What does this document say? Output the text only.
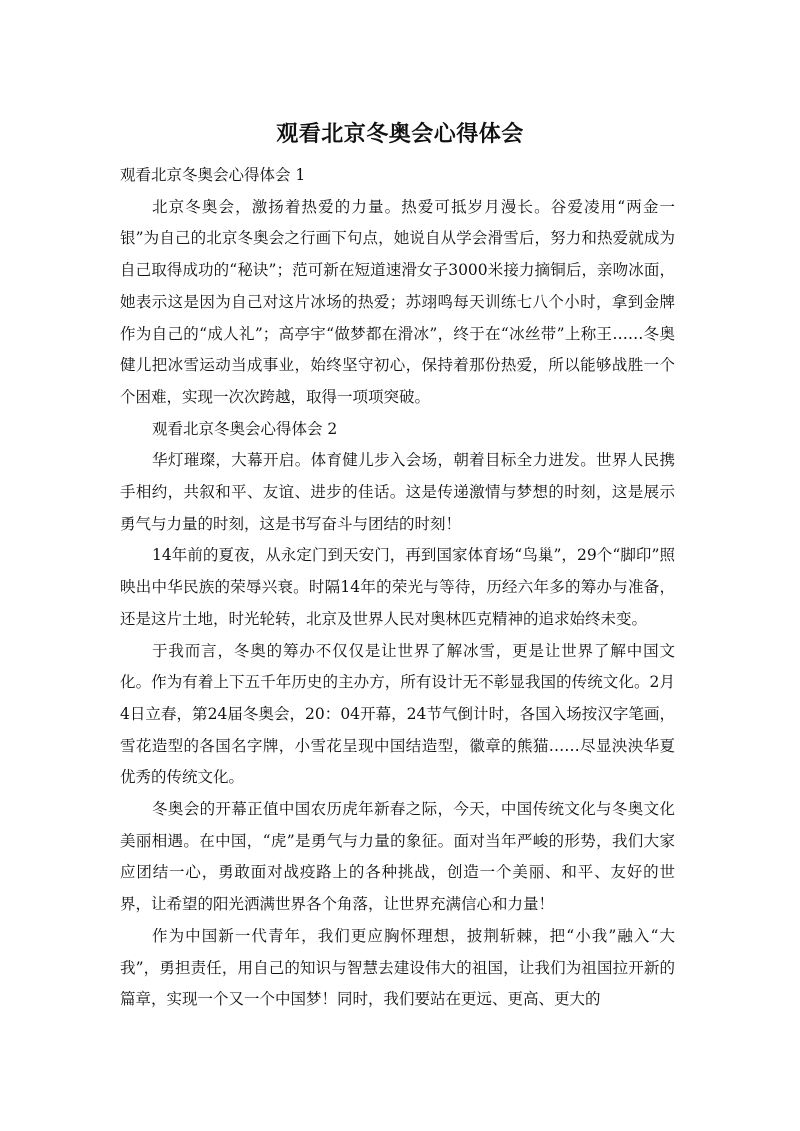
观看北京冬奥会心得体会

观看北京冬奥会心得体会 1

北京冬奥会，激扬着热爱的力量。热爱可抵岁月漫长。谷爱凌用“两金一银”为自己的北京冬奥会之行画下句点，她说自从学会滑雪后，努力和热爱就成为自己取得成功的“秘诀”；范可新在短道速滑女子3000米接力摘铜后，亲吻冰面，她表示这是因为自己对这片冰场的热爱；苏翊鸣每天训练七八个小时，拿到金牌作为自己的“成人礼”；高亭宇“做梦都在滑冰”，终于在“冰丝带”上称王……冬奥健儿把冰雪运动当成事业，始终坚守初心，保持着那份热爱，所以能够战胜一个个困难，实现一次次跨越，取得一项项突破。

观看北京冬奥会心得体会 2

华灯璀璨，大幕开启。体育健儿步入会场，朝着目标全力进发。世界人民携手相约，共叙和平、友谊、进步的佳话。这是传递激情与梦想的时刻，这是展示勇气与力量的时刻，这是书写奋斗与团结的时刻！

14年前的夏夜，从永定门到天安门，再到国家体育场“鸟巢”，29个“脚印”照映出中华民族的荣辱兴衰。时隔14年的荣光与等待，历经六年多的筹办与准备，还是这片土地，时光轮转，北京及世界人民对奥林匹克精神的追求始终未变。

于我而言，冬奥的筹办不仅仅是让世界了解冰雪，更是让世界了解中国文化。作为有着上下五千年历史的主办方，所有设计无不彰显我国的传统文化。2月4日立春，第24届冬奥会，20：04开幕，24节气倒计时，各国入场按汉字笔画，雪花造型的各国名字牌，小雪花呈现中国结造型，徽章的熊猫……尽显泱泱华夏优秀的传统文化。

冬奥会的开幕正值中国农历虎年新春之际，今天，中国传统文化与冬奥文化美丽相遇。在中国，“虎”是勇气与力量的象征。面对当年严峻的形势，我们大家应团结一心，勇敢面对战疫路上的各种挑战，创造一个美丽、和平、友好的世界，让希望的阳光洒满世界各个角落，让世界充满信心和力量！

作为中国新一代青年，我们更应胸怀理想，披荆斩棘，把“小我”融入“大我”，勇担责任，用自己的知识与智慧去建设伟大的祖国，让我们为祖国拉开新的篇章，实现一个又一个中国梦！同时，我们要站在更远、更高、更大的
